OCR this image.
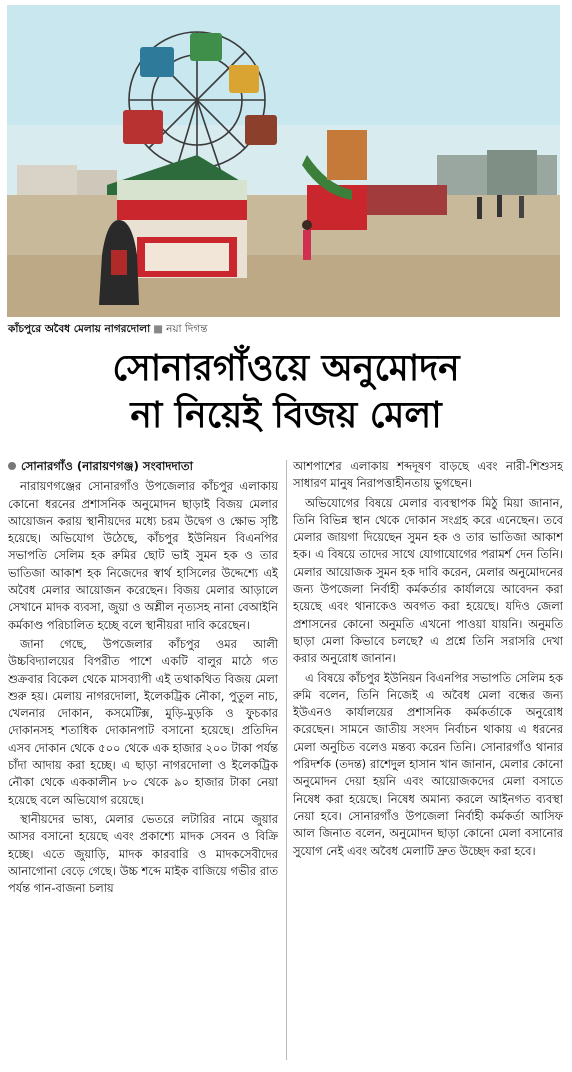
কাঁচপুরে অবৈধ মেলায় নাগরদোলা ■ নয়া দিগন্ত
সোনারগাঁওয়ে অনুমোদন
না নিয়েই বিজয় মেলা
সোনারগাঁও (নারায়ণগঞ্জ) সংবাদদাতা

নারায়ণগঞ্জের সোনারগাঁও উপজেলার কাঁচপুর এলাকায় কোনো ধরনের প্রশাসনিক অনুমোদন ছাড়াই বিজয় মেলার আয়োজন করায় স্থানীয়দের মধ্যে চরম উদ্বেগ ও ক্ষোভ সৃষ্টি হয়েছে। অভিযোগ উঠেছে, কাঁচপুর ইউনিয়ন বিএনপির সভাপতি সেলিম হক রুমির ছোট ভাই সুমন হক ও তার ভাতিজা আকাশ হক নিজেদের স্বার্থ হাসিলের উদ্দেশ্যে এই অবৈধ মেলার আয়োজন করেছেন। বিজয় মেলার আড়ালে সেখানে মাদক ব্যবসা, জুয়া ও অশ্লীল নৃত্যসহ নানা বেআইনি কর্মকাণ্ড পরিচালিত হচ্ছে বলে স্থানীয়রা দাবি করেছেন।

জানা গেছে, উপজেলার কাঁচপুর ওমর আলী উচ্চবিদ্যালয়ের বিপরীত পাশে একটি বালুর মাঠে গত শুক্রবার বিকেল থেকে মাসব্যাপী এই তথাকথিত বিজয় মেলা শুরু হয়। মেলায় নাগরদোলা, ইলেকট্রিক নৌকা, পুতুল নাচ, খেলনার দোকান, কসমেটিক্স, মুড়ি-মুড়কি ও ফুচকার দোকানসহ শতাধিক দোকানপাট বসানো হয়েছে। প্রতিদিন এসব দোকান থেকে ৫০০ থেকে এক হাজার ২০০ টাকা পর্যন্ত চাঁদা আদায় করা হচ্ছে। এ ছাড়া নাগরদোলা ও ইলেকট্রিক নৌকা থেকে এককালীন ৮০ থেকে ৯০ হাজার টাকা নেয়া হয়েছে বলে অভিযোগ রয়েছে।

স্থানীয়দের ভাষ্য, মেলার ভেতরে লটারির নামে জুয়ার আসর বসানো হয়েছে এবং প্রকাশ্যে মাদক সেবন ও বিক্রি হচ্ছে। এতে জুয়াড়ি, মাদক কারবারি ও মাদকসেবীদের আনাগোনা বেড়ে গেছে। উচ্চ শব্দে মাইক বাজিয়ে গভীর রাত পর্যন্ত গান-বাজনা চলায়

আশপাশের এলাকায় শব্দদূষণ বাড়ছে এবং নারী-শিশুসহ সাধারণ মানুষ নিরাপত্তাহীনতায় ভুগছেন।

অভিযোগের বিষয়ে মেলার ব্যবস্থাপক মিঠু মিয়া জানান, তিনি বিভিন্ন স্থান থেকে দোকান সংগ্রহ করে এনেছেন। তবে মেলার জায়গা দিয়েছেন সুমন হক ও তার ভাতিজা আকাশ হক। এ বিষয়ে তাদের সাথে যোগাযোগের পরামর্শ দেন তিনি। মেলার আয়োজক সুমন হক দাবি করেন, মেলার অনুমোদনের জন্য উপজেলা নির্বাহী কর্মকর্তার কার্যালয়ে আবেদন করা হয়েছে এবং থানাকেও অবগত করা হয়েছে। যদিও জেলা প্রশাসনের কোনো অনুমতি এখনো পাওয়া যায়নি। অনুমতি ছাড়া মেলা কিভাবে চলছে? এ প্রশ্নে তিনি সরাসরি দেখা করার অনুরোধ জানান।

এ বিষয়ে কাঁচপুর ইউনিয়ন বিএনপির সভাপতি সেলিম হক রুমি বলেন, তিনি নিজেই এ অবৈধ মেলা বন্ধের জন্য ইউএনও কার্যালয়ের প্রশাসনিক কর্মকর্তাকে অনুরোধ করেছেন। সামনে জাতীয় সংসদ নির্বাচন থাকায় এ ধরনের মেলা অনুচিত বলেও মন্তব্য করেন তিনি। সোনারগাঁও থানার পরিদর্শক (তদন্ত) রাশেদুল হাসান খান জানান, মেলার কোনো অনুমোদন দেয়া হয়নি এবং আয়োজকদের মেলা বসাতে নিষেধ করা হয়েছে। নিষেধ অমান্য করলে আইনগত ব্যবস্থা নেয়া হবে। সোনারগাঁও উপজেলা নির্বাহী কর্মকর্তা আসিফ আল জিনাত বলেন, অনুমোদন ছাড়া কোনো মেলা বসানোর সুযোগ নেই এবং অবৈধ মেলাটি দ্রুত উচ্ছেদ করা হবে।
